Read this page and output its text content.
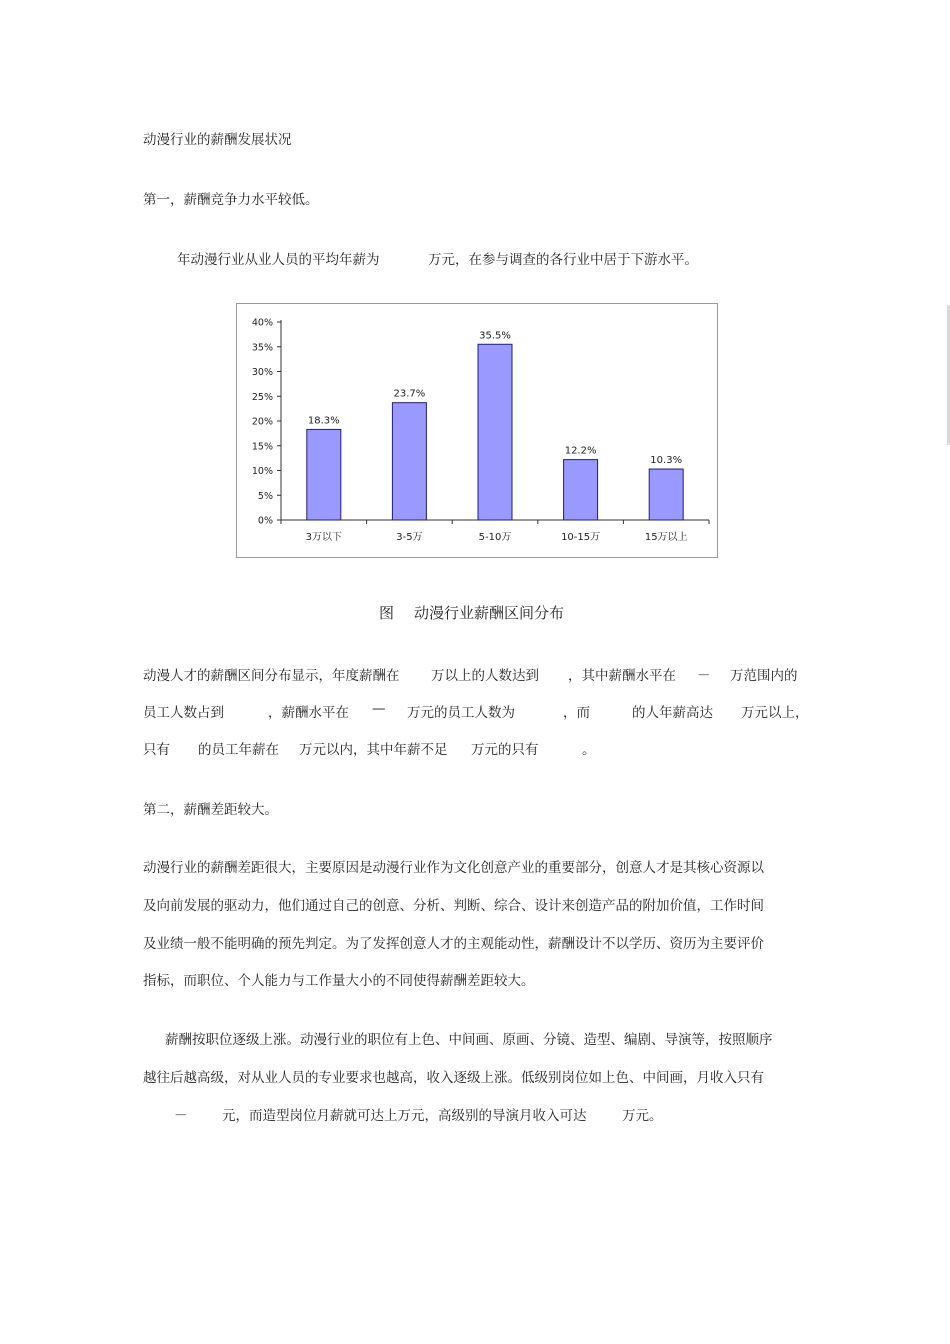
动漫行业的薪酬发展状况
第一，薪酬竞争力水平较低。
年动漫行业从业人员的平均年薪为	万元，在参与调查的各行业中居于下游水平。
0%
5%
10%
15%
20%
25%
30%
35%
40%
18.3%
3万以下
23.7%
3-5万
35.5%
5-10万
12.2%
10-15万
10.3%
15万以上
图 动漫行业薪酬区间分布
动漫人才的薪酬区间分布显示，年度薪酬在 万以上的人数达到 ，其中薪酬水平在 － 万范围内的
员工人数占到	，薪酬水平在 — 万元的员工人数为	，而	的人年薪高达 万元以上，
只有 的员工年薪在 万元以内，其中年薪不足 万元的只有	。
第二，薪酬差距较大。
动漫行业的薪酬差距很大，主要原因是动漫行业作为文化创意产业的重要部分，创意人才是其核心资源以
及向前发展的驱动力，他们通过自己的创意、分析、判断、综合、设计来创造产品的附加价值，工作时间
及业绩一般不能明确的预先判定。为了发挥创意人才的主观能动性，薪酬设计不以学历、资历为主要评价
指标，而职位、个人能力与工作量大小的不同使得薪酬差距较大。
薪酬按职位逐级上涨。动漫行业的职位有上色、中间画、原画、分镜、造型、编剧、导演等，按照顺序
越往后越高级，对从业人员的专业要求也越高，收入逐级上涨。低级别岗位如上色、中间画，月收入只有
－	元，而造型岗位月薪就可达上万元，高级别的导演月收入可达	万元。
